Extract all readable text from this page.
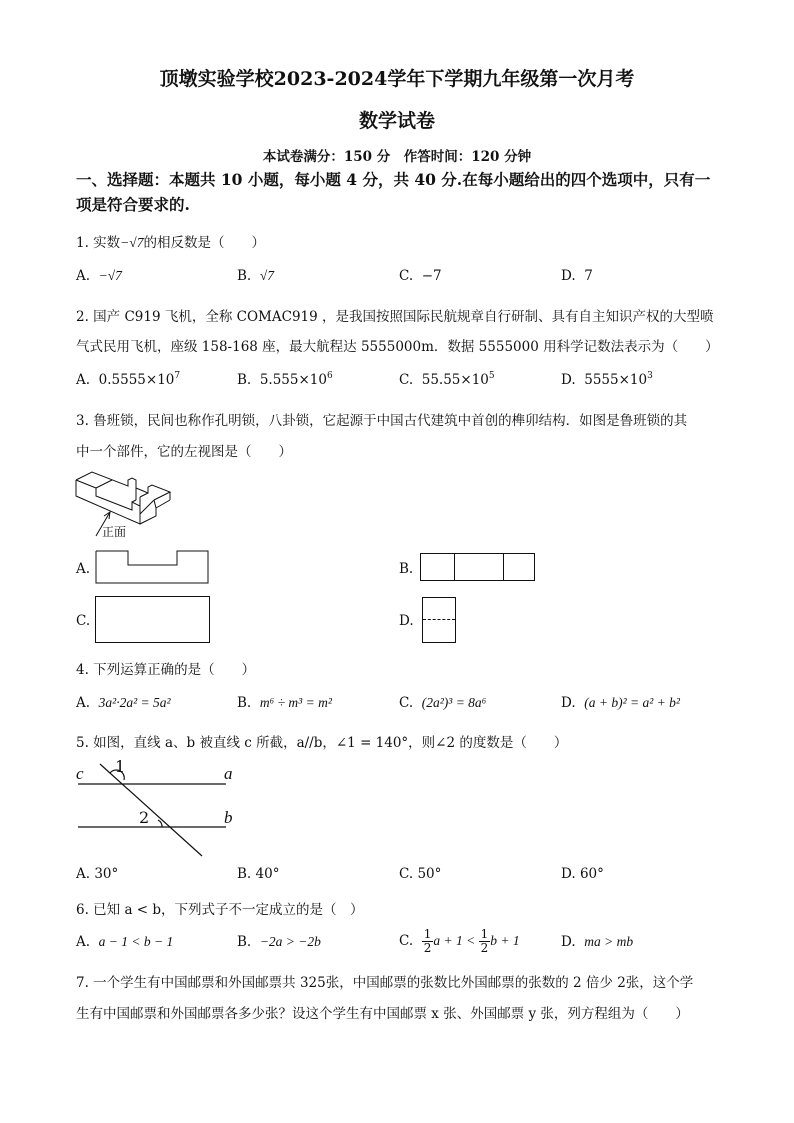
顶墩实验学校2023-2024学年下学期九年级第一次月考
数学试卷
本试卷满分：150 分　作答时间：120 分钟
一、选择题：本题共 10 小题，每小题 4 分，共 40 分.在每小题给出的四个选项中，只有一
项是符合要求的.
1. 实数−√7的相反数是（　　）
A. −√7	B. √7	C. −7	D. 7
2. 国产 C919 飞机，全称 COMAC919 ，是我国按照国际民航规章自行研制、具有自主知识产权的大型喷
气式民用飞机，座级 158-168 座，最大航程达 5555000m．数据 5555000 用科学记数法表示为（　　）
A. $0.5555\times 10^7$	B. $5.555\times 10^6$	C. $55.55\times 10^5$	D. $5555\times 10^3$
3. 鲁班锁，民间也称作孔明锁，八卦锁，它起源于中国古代建筑中首创的榫卯结构．如图是鲁班锁的其
中一个部件，它的左视图是（　　）
正面
A.	B.
C.	D.
4. 下列运算正确的是（　　）
A. 3a²·2a² = 5a²	B. m⁶ ÷ m³ = m²	C. (2a²)³ = 8a⁶	D. (a + b)² = a² + b²
5. 如图，直线 a、b 被直线 c 所截，a//b，∠1 = 140°，则∠2 的度数是（　　）
c 1	a
2	b
A. 30°	B. 40°	C. 50°	D. 60°
6. 已知 a < b，下列式子不一定成立的是（　）
A. a − 1 < b − 1	B. −2a > −2b	C. $\frac{1}{2}$ $a + 1 < \frac{1}{2}$ b + 1	D. ma > mb
7. 一个学生有中国邮票和外国邮票共 325张，中国邮票的张数比外国邮票的张数的 2 倍少 2张，这个学
生有中国邮票和外国邮票各多少张？设这个学生有中国邮票 x 张、外国邮票 y 张，列方程组为（　　）
